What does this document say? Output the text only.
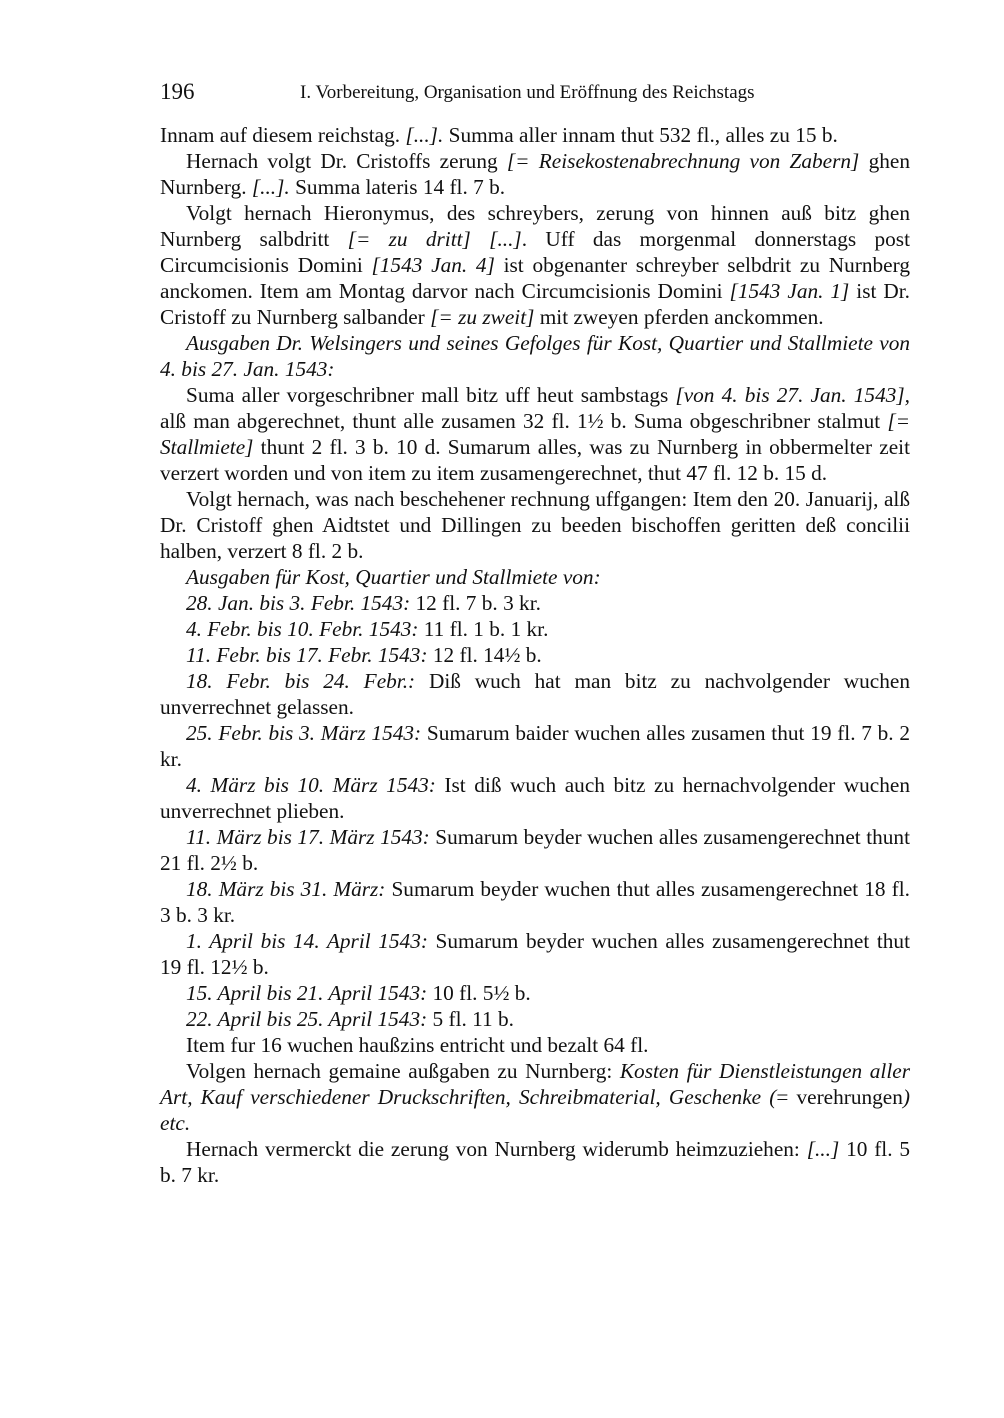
196	I. Vorbereitung, Organisation und Eröffnung des Reichstags

Innam auf diesem reichstag. [...]. Summa aller innam thut 532 fl., alles zu 15 b.

Hernach volgt Dr. Cristoffs zerung [= Reisekostenabrechnung von Zabern] ghen Nurnberg. [...]. Summa lateris 14 fl. 7 b.

Volgt hernach Hieronymus, des schreybers, zerung von hinnen auß bitz ghen Nurnberg salbdritt [= zu dritt] [...]. Uff das morgenmal donnerstags post Circumcisionis Domini [1543 Jan. 4] ist obgenanter schreyber selbdrit zu Nurnberg anckomen. Item am Montag darvor nach Circumcisionis Domini [1543 Jan. 1] ist Dr. Cristoff zu Nurnberg salbander [= zu zweit] mit zweyen pferden anckommen.

Ausgaben Dr. Welsingers und seines Gefolges für Kost, Quartier und Stallmiete von 4. bis 27. Jan. 1543:

Suma aller vorgeschribner mall bitz uff heut sambstags [von 4. bis 27. Jan. 1543], alß man abgerechnet, thunt alle zusamen 32 fl. 1½ b. Suma obgeschribner stalmut [= Stallmiete] thunt 2 fl. 3 b. 10 d. Sumarum alles, was zu Nurnberg in obbermelter zeit verzert worden und von item zu item zusamengerechnet, thut 47 fl. 12 b. 15 d.

Volgt hernach, was nach beschehener rechnung uffgangen: Item den 20. Januarij, alß Dr. Cristoff ghen Aidtstet und Dillingen zu beeden bischoffen geritten deß concilii halben, verzert 8 fl. 2 b.

Ausgaben für Kost, Quartier und Stallmiete von:

28. Jan. bis 3. Febr. 1543: 12 fl. 7 b. 3 kr.

4. Febr. bis 10. Febr. 1543: 11 fl. 1 b. 1 kr.

11. Febr. bis 17. Febr. 1543: 12 fl. 14½ b.

18. Febr. bis 24. Febr.: Diß wuch hat man bitz zu nachvolgender wuchen unverrechnet gelassen.

25. Febr. bis 3. März 1543: Sumarum baider wuchen alles zusamen thut 19 fl. 7 b. 2 kr.

4. März bis 10. März 1543: Ist diß wuch auch bitz zu hernachvolgender wuchen unverrechnet plieben.

11. März bis 17. März 1543: Sumarum beyder wuchen alles zusamengerechnet thunt 21 fl. 2½ b.

18. März bis 31. März: Sumarum beyder wuchen thut alles zusamengerechnet 18 fl. 3 b. 3 kr.

1. April bis 14. April 1543: Sumarum beyder wuchen alles zusamengerechnet thut 19 fl. 12½ b.

15. April bis 21. April 1543: 10 fl. 5½ b.

22. April bis 25. April 1543: 5 fl. 11 b.

Item fur 16 wuchen haußzins entricht und bezalt 64 fl.

Volgen hernach gemaine außgaben zu Nurnberg: Kosten für Dienstleistungen aller Art, Kauf verschiedener Druckschriften, Schreibmaterial, Geschenke (= verehrungen) etc.

Hernach vermerckt die zerung von Nurnberg widerumb heimzuziehen: [...] 10 fl. 5 b. 7 kr.
